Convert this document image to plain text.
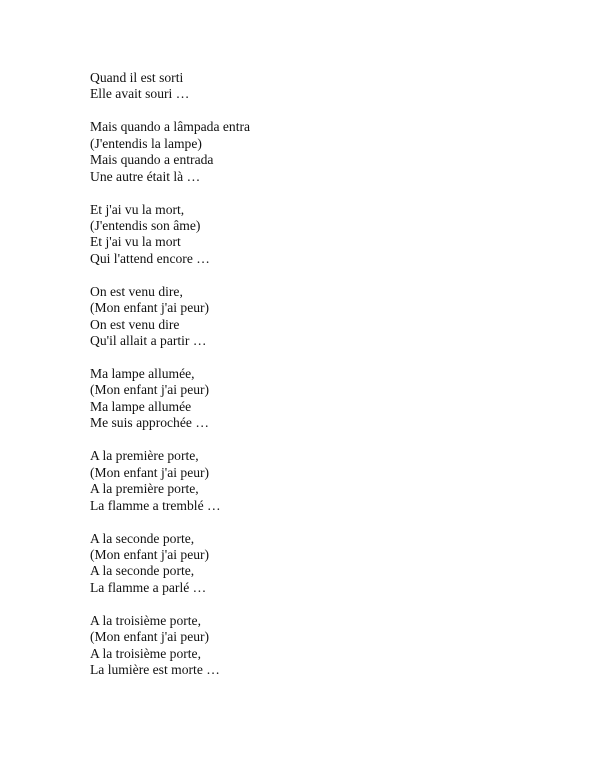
Quand il est sorti
Elle avait souri …
Mais quando a lâmpada entra
(J'entendis la lampe)
Mais quando a entrada
Une autre était là …
Et j'ai vu la mort,
(J'entendis son âme)
Et j'ai vu la mort
Qui l'attend encore …
On est venu dire,
(Mon enfant j'ai peur)
On est venu dire
Qu'il allait a partir …
Ma lampe allumée,
(Mon enfant j'ai peur)
Ma lampe allumée
Me suis approchée …
A la première porte,
(Mon enfant j'ai peur)
A la première porte,
La flamme a tremblé …
A la seconde porte,
(Mon enfant j'ai peur)
A la seconde porte,
La flamme a parlé …
A la troisième porte,
(Mon enfant j'ai peur)
A la troisième porte,
La lumière est morte …
